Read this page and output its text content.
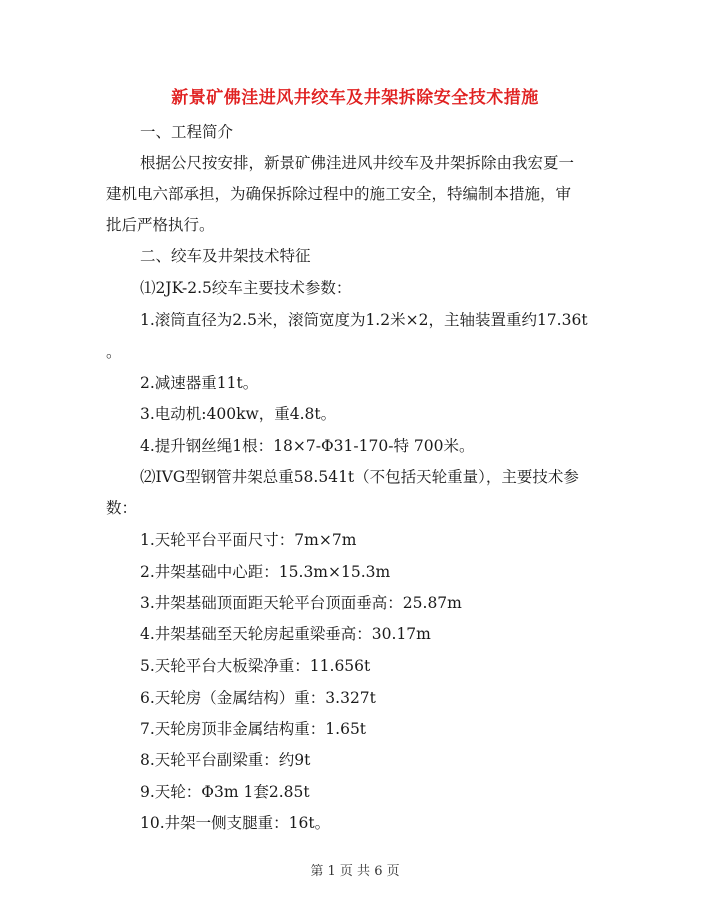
新景矿佛洼进风井绞车及井架拆除安全技术措施
一、工程简介
根据公尺按安排，新景矿佛洼进风井绞车及井架拆除由我宏夏一
建机电六部承担，为确保拆除过程中的施工安全，特编制本措施，审
批后严格执行。
二、绞车及井架技术特征
⑴2JK-2.5绞车主要技术参数：
1.滚筒直径为2.5米，滚筒宽度为1.2米×2，主轴装置重约17.36t
。
2.减速器重11t。
3.电动机:400kw，重4.8t。
4.提升钢丝绳1根：18×7-Φ31-170-特 700米。
⑵IVG型钢管井架总重58.541t（不包括天轮重量），主要技术参
数：
1.天轮平台平面尺寸：7m×7m
2.井架基础中心距：15.3m×15.3m
3.井架基础顶面距天轮平台顶面垂高：25.87m
4.井架基础至天轮房起重梁垂高：30.17m
5.天轮平台大板梁净重：11.656t
6.天轮房（金属结构）重：3.327t
7.天轮房顶非金属结构重：1.65t
8.天轮平台副梁重：约9t
9.天轮：Φ3m 1套2.85t
10.井架一侧支腿重：16t。
第 1 页 共 6 页
